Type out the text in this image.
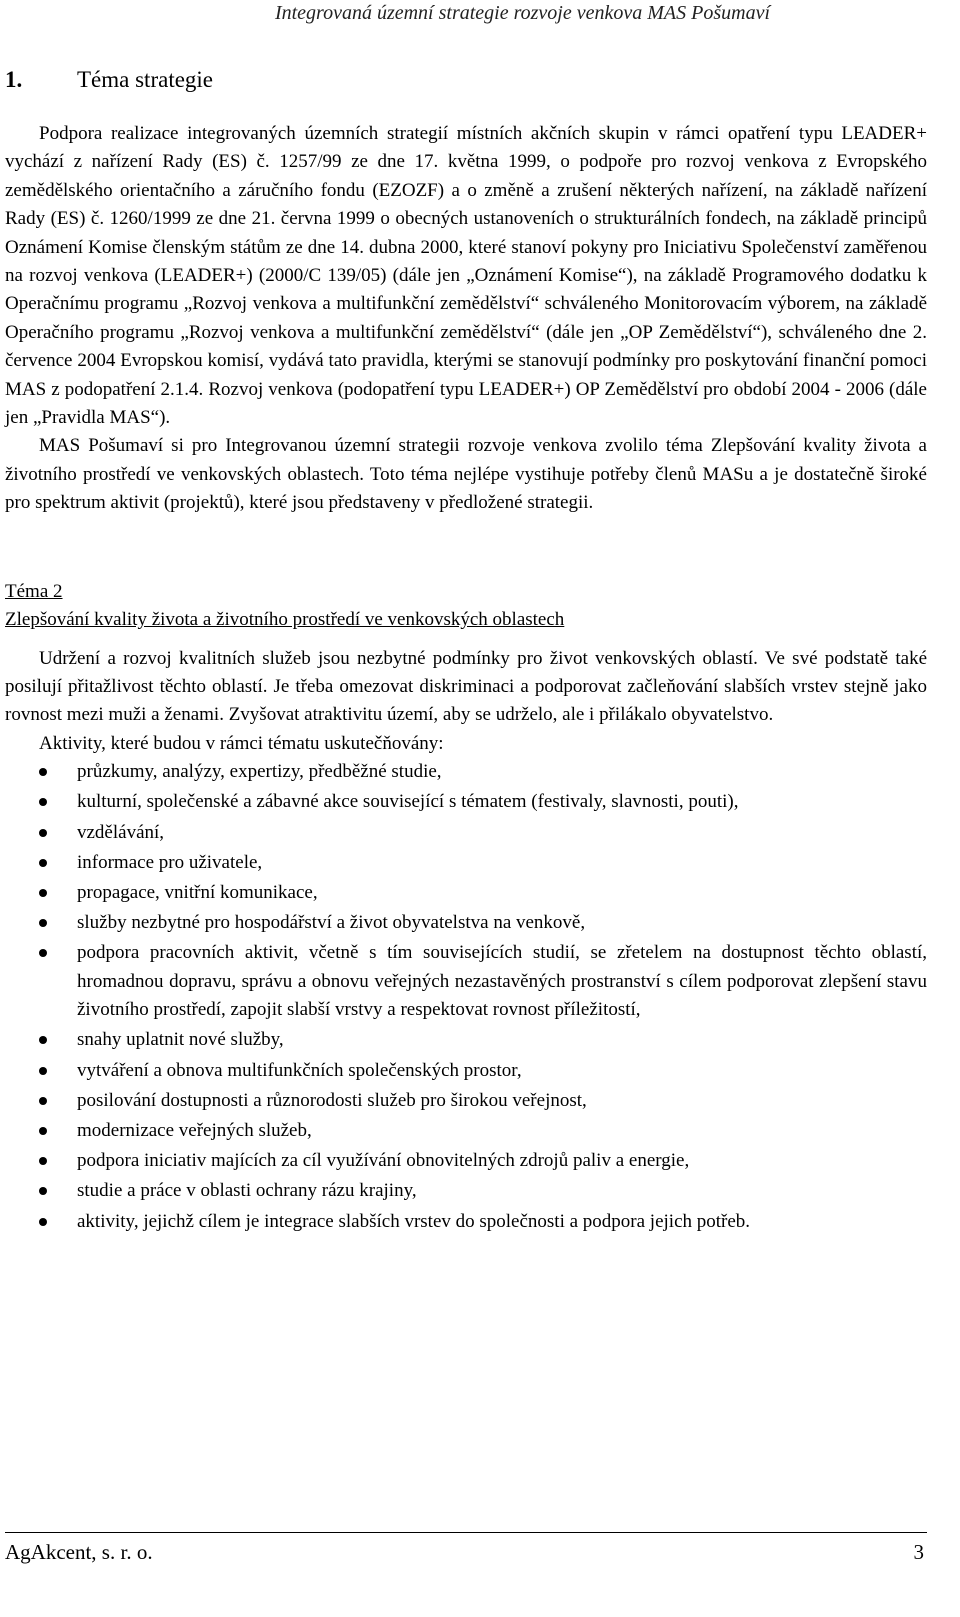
Integrovaná územní strategie rozvoje venkova MAS Pošumaví
1.	Téma strategie

Podpora realizace integrovaných územních strategií místních akčních skupin v rámci opatření typu LEADER+ vychází z nařízení Rady (ES) č. 1257/99 ze dne 17. května 1999, o podpoře pro rozvoj venkova z Evropského zemědělského orientačního a záručního fondu (EZOZF) a o změně a zrušení některých nařízení, na základě nařízení Rady (ES) č. 1260/1999 ze dne 21. června 1999 o obecných ustanoveních o strukturálních fondech, na základě principů Oznámení Komise členským státům ze dne 14. dubna 2000, které stanoví pokyny pro Iniciativu Společenství zaměřenou na rozvoj venkova (LEADER+) (2000/C 139/05) (dále jen „Oznámení Komise“), na základě Programového dodatku k Operačnímu programu „Rozvoj venkova a multifunkční zemědělství“ schváleného Monitorovacím výborem, na základě Operačního programu „Rozvoj venkova a multifunkční zemědělství“ (dále jen „OP Zemědělství“), schváleného dne 2. července 2004 Evropskou komisí, vydává tato pravidla, kterými se stanovují podmínky pro poskytování finanční pomoci MAS z podopatření 2.1.4. Rozvoj venkova (podopatření typu LEADER+) OP Zemědělství pro období 2004 - 2006 (dále jen „Pravidla MAS“).

MAS Pošumaví si pro Integrovanou územní strategii rozvoje venkova zvolilo téma Zlepšování kvality života a životního prostředí ve venkovských oblastech. Toto téma nejlépe vystihuje potřeby členů MASu a je dostatečně široké pro spektrum aktivit (projektů), které jsou představeny v předložené strategii.

Téma 2
Zlepšování kvality života a životního prostředí ve venkovských oblastech

Udržení a rozvoj kvalitních služeb jsou nezbytné podmínky pro život venkovských oblastí. Ve své podstatě také posilují přitažlivost těchto oblastí. Je třeba omezovat diskriminaci a podporovat začleňování slabších vrstev stejně jako rovnost mezi muži a ženami. Zvyšovat atraktivitu území, aby se udrželo, ale i přilákalo obyvatelstvo.

Aktivity, které budou v rámci tématu uskutečňovány:

průzkumy, analýzy, expertizy, předběžné studie,
kulturní, společenské a zábavné akce související s tématem (festivaly, slavnosti, pouti),
vzdělávání,
informace pro uživatele,
propagace, vnitřní komunikace,
služby nezbytné pro hospodářství a život obyvatelstva na venkově,
podpora pracovních aktivit, včetně s tím souvisejících studií, se zřetelem na dostupnost těchto oblastí, hromadnou dopravu, správu a obnovu veřejných nezastavěných prostranství s cílem podporovat zlepšení stavu životního prostředí, zapojit slabší vrstvy a respektovat rovnost příležitostí,
snahy uplatnit nové služby,
vytváření a obnova multifunkčních společenských prostor,
posilování dostupnosti a různorodosti služeb pro širokou veřejnost,
modernizace veřejných služeb,
podpora iniciativ majících za cíl využívání obnovitelných zdrojů paliv a energie,
studie a práce v oblasti ochrany rázu krajiny,
aktivity, jejichž cílem je integrace slabších vrstev do společnosti a podpora jejich potřeb.
AgAkcent, s. r. o.	3
